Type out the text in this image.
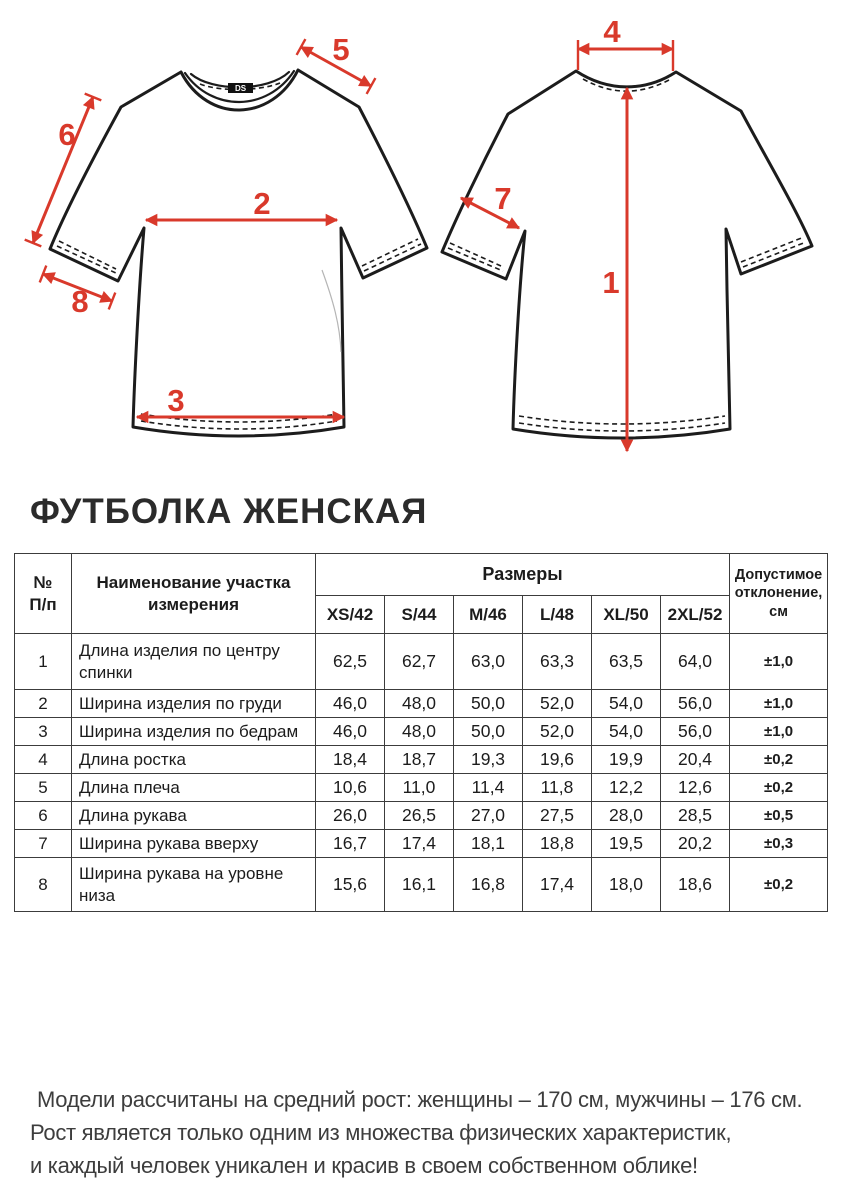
DS
2
3
5
6
8
4
1
7
ФУТБОЛКА ЖЕНСКАЯ
№
П/п	Наименование участка измерения	Размеры						Допустимое отклонение, см
		XS/42	S/44	M/46	L/48	XL/50	2XL/52	
1	Длина изделия по центру спинки	62,5	62,7	63,0	63,3	63,5	64,0	±1,0
2	Ширина изделия по груди	46,0	48,0	50,0	52,0	54,0	56,0	±1,0
3	Ширина изделия по бедрам	46,0	48,0	50,0	52,0	54,0	56,0	±1,0
4	Длина ростка	18,4	18,7	19,3	19,6	19,9	20,4	±0,2
5	Длина плеча	10,6	11,0	11,4	11,8	12,2	12,6	±0,2
6	Длина рукава	26,0	26,5	27,0	27,5	28,0	28,5	±0,5
7	Ширина рукава вверху	16,7	17,4	18,1	18,8	19,5	20,2	±0,3
8	Ширина рукава на уровне низа	15,6	16,1	16,8	17,4	18,0	18,6	±0,2
Модели рассчитаны на средний рост: женщины – 170 см, мужчины – 176 см.
Рост является только одним из множества физических характеристик,
и каждый человек уникален и красив в своем собственном облике!
